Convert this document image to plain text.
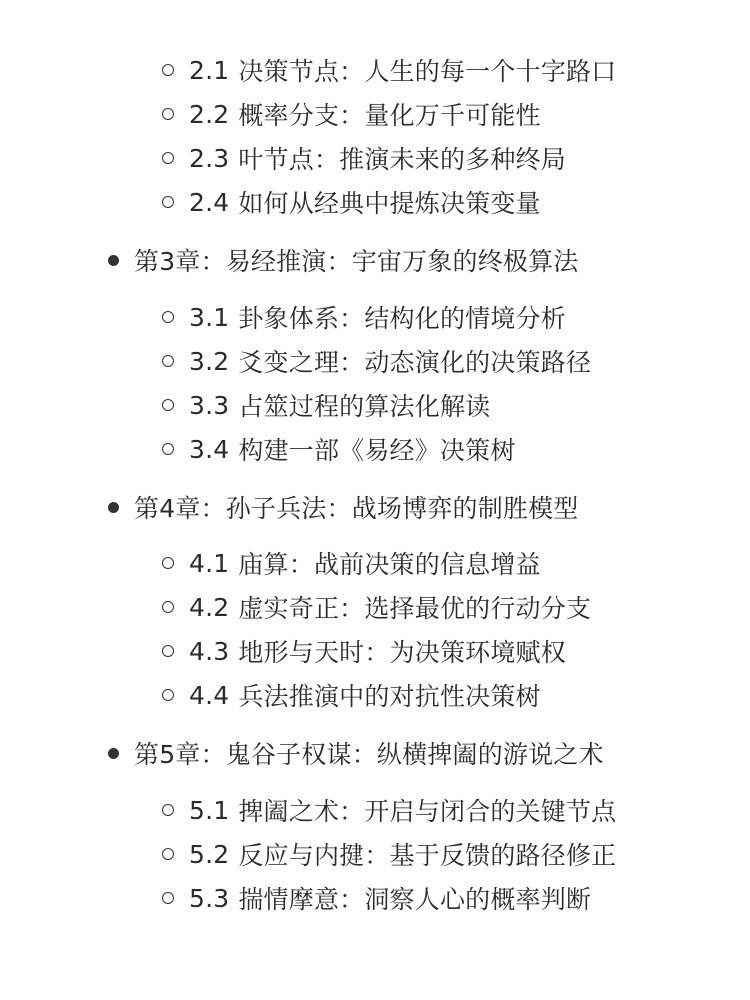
2.1 决策节点：人生的每一个十字路口
2.2 概率分支：量化万千可能性
2.3 叶节点：推演未来的多种终局
2.4 如何从经典中提炼决策变量
第3章：易经推演：宇宙万象的终极算法
3.1 卦象体系：结构化的情境分析
3.2 爻变之理：动态演化的决策路径
3.3 占筮过程的算法化解读
3.4 构建一部《易经》决策树
第4章：孙子兵法：战场博弈的制胜模型
4.1 庙算：战前决策的信息增益
4.2 虚实奇正：选择最优的行动分支
4.3 地形与天时：为决策环境赋权
4.4 兵法推演中的对抗性决策树
第5章：鬼谷子权谋：纵横捭阖的游说之术
5.1 捭阖之术：开启与闭合的关键节点
5.2 反应与内揵：基于反馈的路径修正
5.3 揣情摩意：洞察人心的概率判断
